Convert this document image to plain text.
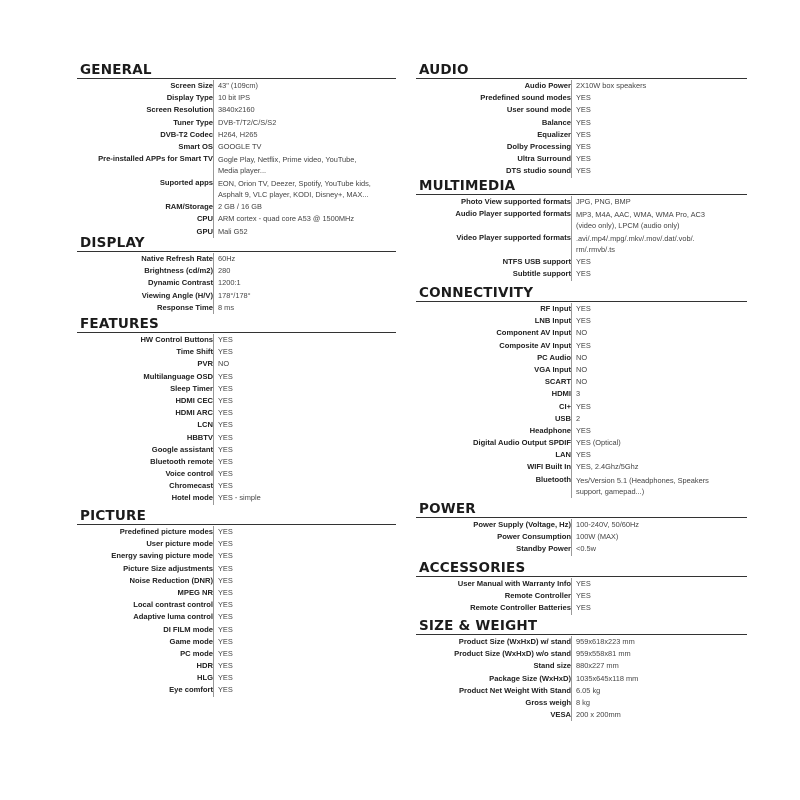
GENERAL
Screen Size 43" (109cm)
Display Type 10 bit IPS
Screen Resolution 3840x2160
Tuner Type DVB-T/T2/C/S/S2
DVB-T2 Codec H264, H265
Smart OS GOOGLE TV
Pre-installed APPs for Smart TV Gogle Play, Netflix, Prime video, YouTube,
Media player...
Suported apps EON, Orion TV, Deezer, Spotify, YouTube kids,
Asphalt 9, VLC player, KODI, Disney+, MAX...
RAM/Storage 2 GB / 16 GB
CPU ARM cortex - quad core A53 @ 1500MHz
GPU Mali G52
DISPLAY
Native Refresh Rate 60Hz
Brightness (cd/m2) 280
Dynamic Contrast 1200:1
Viewing Angle (H/V) 178°/178°
Response Time 8 ms
FEATURES
HW Control Buttons YES
Time Shift YES
PVR NO
Multilanguage OSD YES
Sleep Timer YES
HDMI CEC YES
HDMI ARC YES
LCN YES
HBBTV YES
Google assistant YES
Bluetooth remote YES
Voice control YES
Chromecast YES
Hotel mode YES - simple
PICTURE
Predefined picture modes YES
User picture mode YES
Energy saving picture mode YES
Picture Size adjustments YES
Noise Reduction (DNR) YES
MPEG NR YES
Local contrast control YES
Adaptive luma control YES
DI FILM mode YES
Game mode YES
PC mode YES
HDR YES
HLG YES
Eye comfort YES
AUDIO
Audio Power 2X10W box speakers
Predefined sound modes YES
User sound mode YES
Balance YES
Equalizer YES
Dolby Processing YES
Ultra Surround YES
DTS studio sound YES
MULTIMEDIA
Photo View supported formats JPG, PNG, BMP
Audio Player supported formats MP3, M4A, AAC, WMA, WMA Pro, AC3
(video only), LPCM (audio only)
Video Player supported formats .avi/.mp4/.mpg/.mkv/.mov/.dat/.vob/.
rm/.rmvb/.ts
NTFS USB support YES
Subtitle support YES
CONNECTIVITY
RF Input YES
LNB Input YES
Component AV Input NO
Composite AV Input YES
PC Audio NO
VGA Input NO
SCART NO
HDMI 3
CI+ YES
USB 2
Headphone YES
Digital Audio Output SPDIF YES (Optical)
LAN YES
WIFI Built In YES, 2.4Ghz/5Ghz
Bluetooth Yes/Version 5.1 (Headphones, Speakers
support, gamepad...)
POWER
Power Supply (Voltage, Hz) 100-240V, 50/60Hz
Power Consumption 100W (MAX)
Standby Power <0.5w
ACCESSORIES
User Manual with Warranty Info YES
Remote Controller YES
Remote Controller Batteries YES
SIZE & WEIGHT
Product Size (WxHxD) w/ stand 959x618x223 mm
Product Size (WxHxD) w/o stand 959x558x81 mm
Stand size 880x227 mm
Package Size (WxHxD) 1035x645x118 mm
Product Net Weight With Stand 6.05 kg
Gross weigh 8 kg
VESA 200 x 200mm
